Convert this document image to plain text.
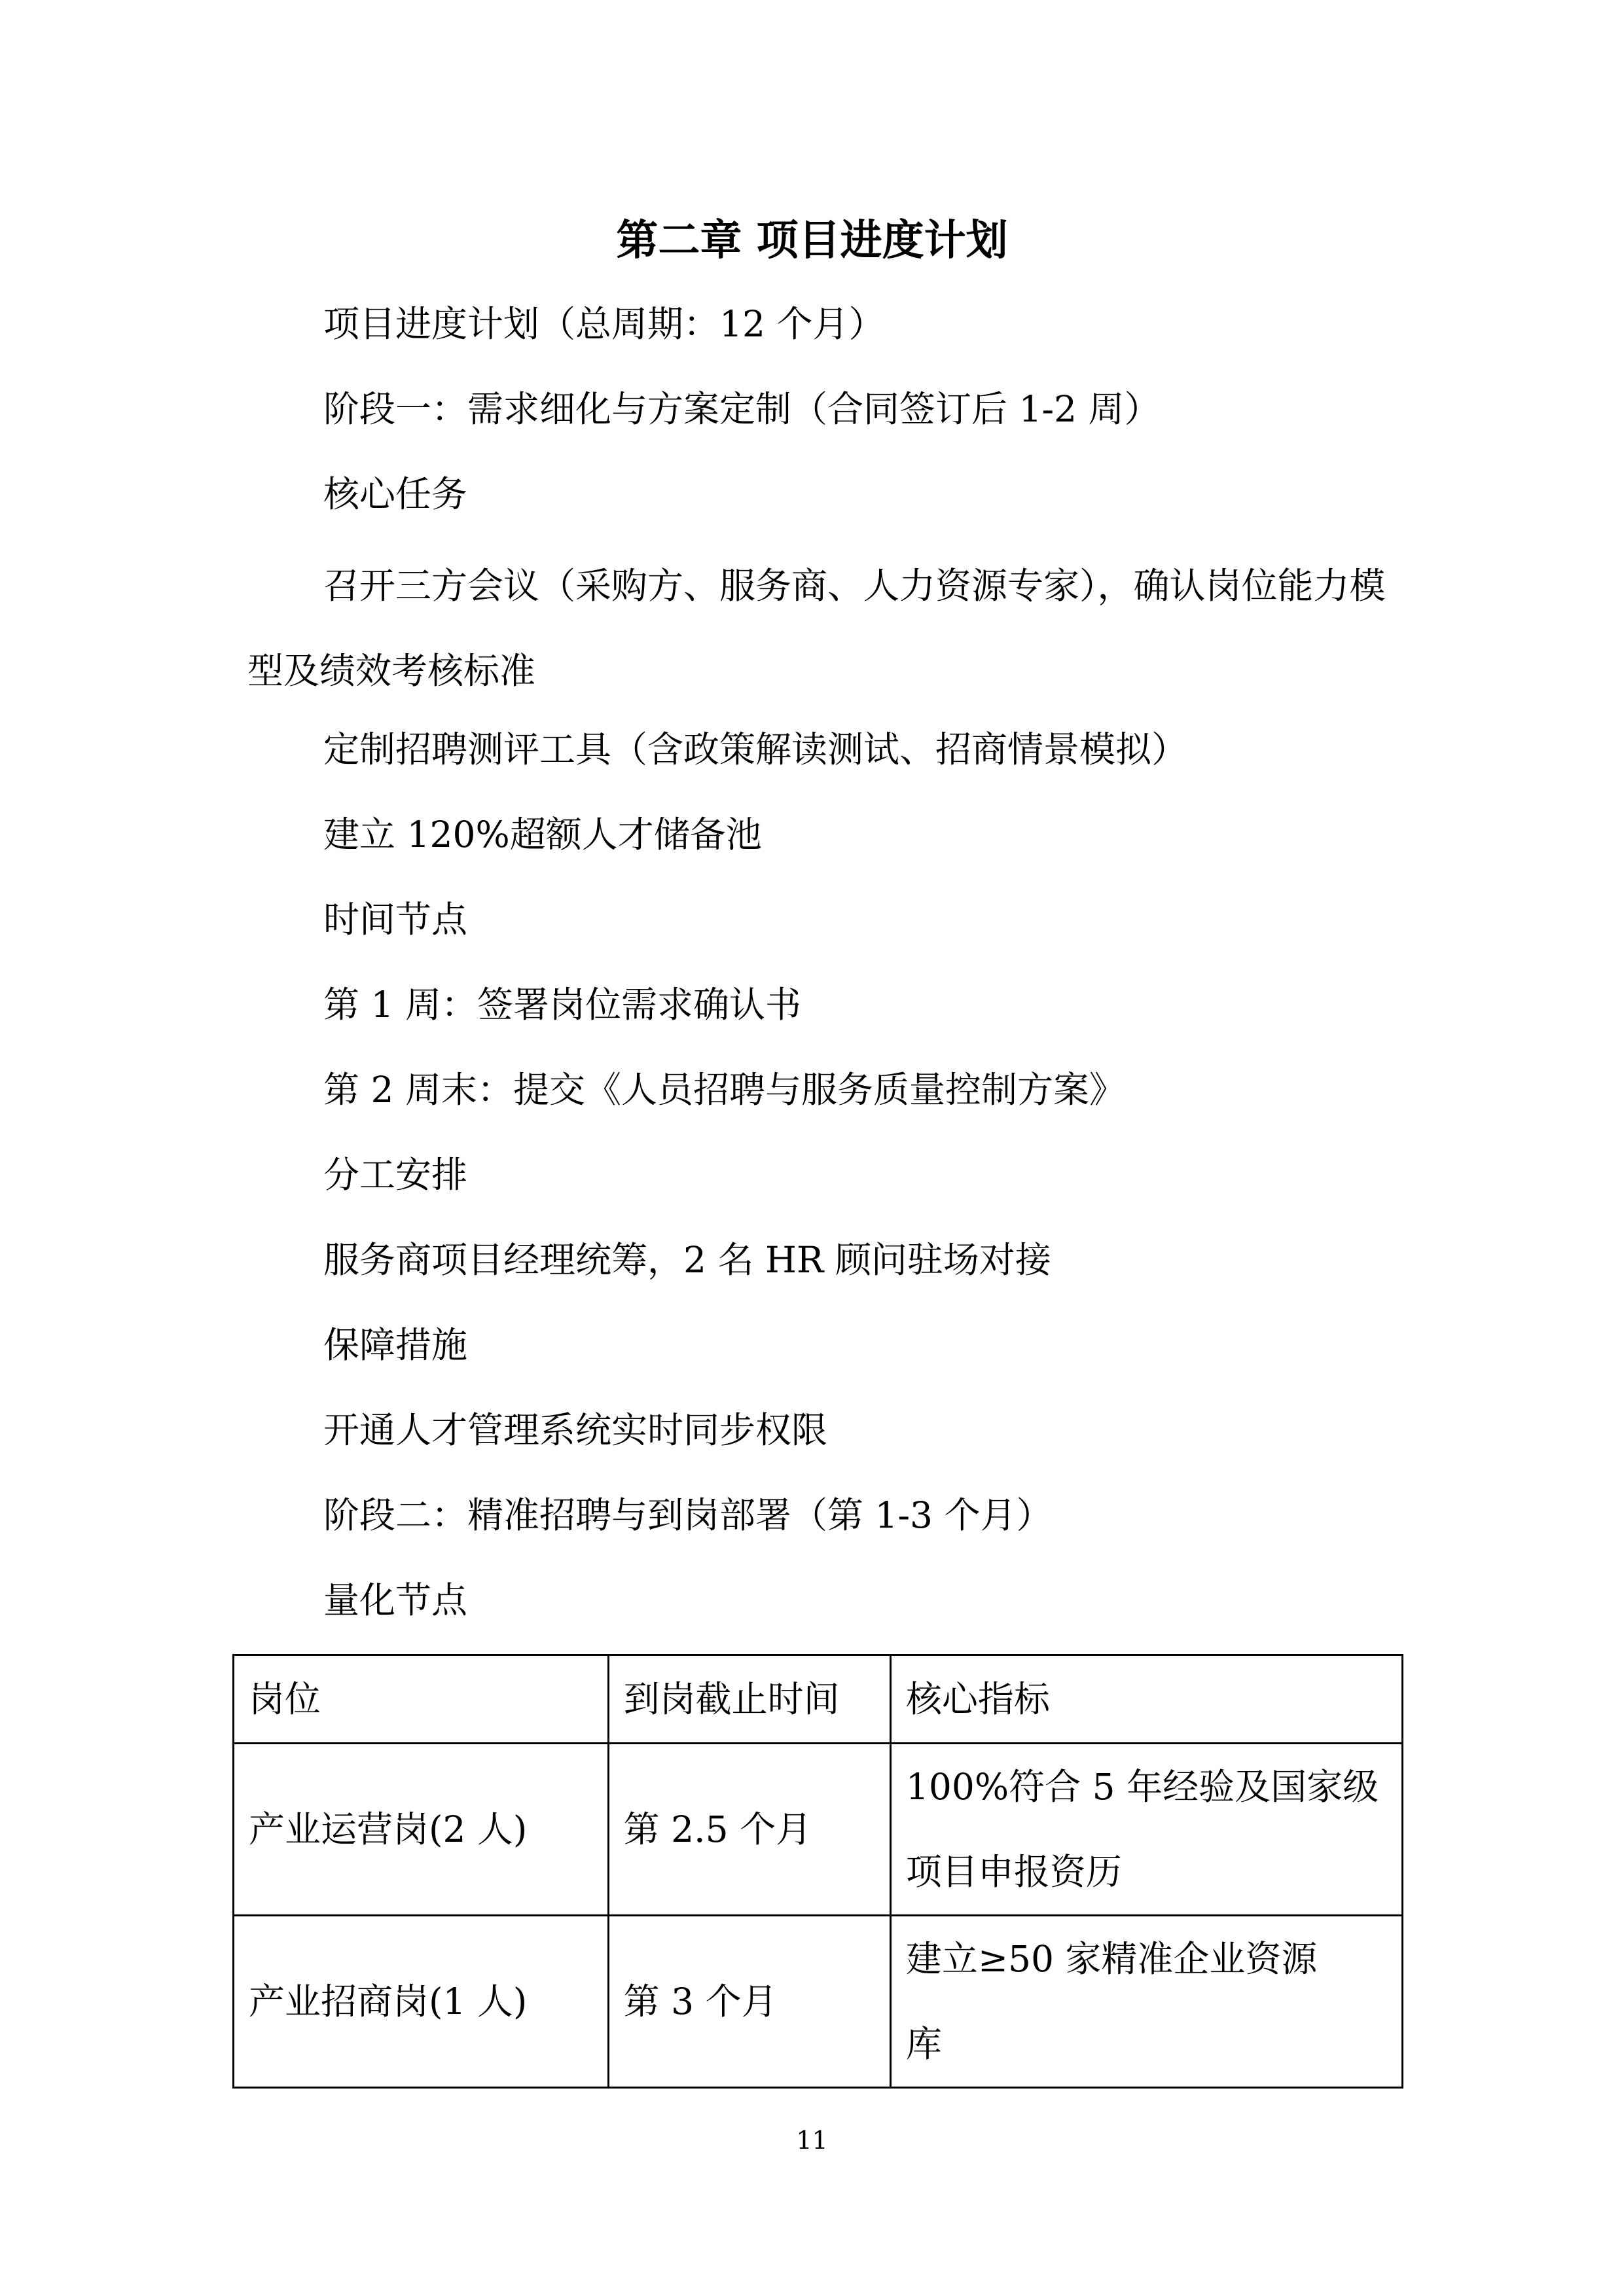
第二章 项目进度计划
项目进度计划（总周期：12 个月）
阶段一：需求细化与方案定制（合同签订后 1-2 周）
核心任务
召开三方会议（采购方、服务商、人力资源专家），确认岗位能力模型及绩效考核标准
定制招聘测评工具（含政策解读测试、招商情景模拟）
建立 120%超额人才储备池
时间节点
第 1 周：签署岗位需求确认书
第 2 周末：提交《人员招聘与服务质量控制方案》
分工安排
服务商项目经理统筹，2 名 HR 顾问驻场对接
保障措施
开通人才管理系统实时同步权限
阶段二：精准招聘与到岗部署（第 1-3 个月）
量化节点
岗位	到岗截止时间	核心指标
产业运营岗(2 人)	第 2.5 个月	100%符合 5 年经验及国家级
项目申报资历

产业招商岗(1 人)	第 3 个月	建立≥50 家精准企业资源
库
11
